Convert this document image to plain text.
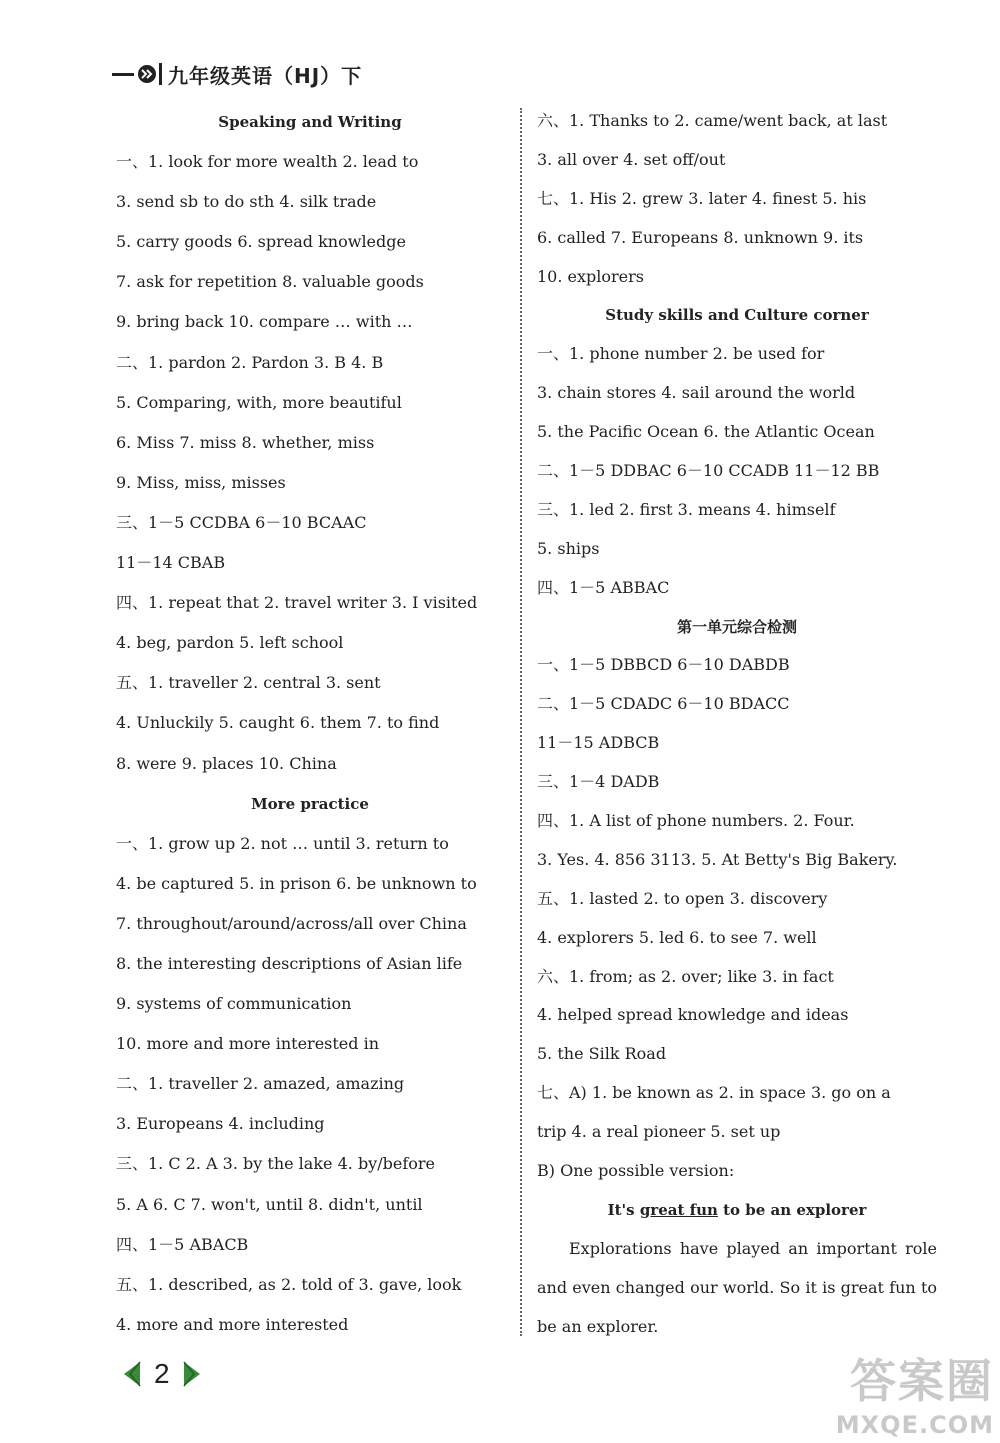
九年级英语（HJ）下
Speaking and Writing
一、1. look for more wealth 2. lead to
3. send sb to do sth 4. silk trade
5. carry goods 6. spread knowledge
7. ask for repetition 8. valuable goods
9. bring back 10. compare … with …
二、1. pardon 2. Pardon 3. B 4. B
5. Comparing, with, more beautiful
6. Miss 7. miss 8. whether, miss
9. Miss, miss, misses
三、1－5 CCDBA 6－10 BCAAC
11－14 CBAB
四、1. repeat that 2. travel writer 3. I visited
4. beg, pardon 5. left school
五、1. traveller 2. central 3. sent
4. Unluckily 5. caught 6. them 7. to find
8. were 9. places 10. China
More practice
一、1. grow up 2. not … until 3. return to
4. be captured 5. in prison 6. be unknown to
7. throughout/around/across/all over China
8. the interesting descriptions of Asian life
9. systems of communication
10. more and more interested in
二、1. traveller 2. amazed, amazing
3. Europeans 4. including
三、1. C 2. A 3. by the lake 4. by/before
5. A 6. C 7. won't, until 8. didn't, until
四、1－5 ABACB
五、1. described, as 2. told of 3. gave, look
4. more and more interested
六、1. Thanks to 2. came/went back, at last
3. all over 4. set off/out
七、1. His 2. grew 3. later 4. finest 5. his
6. called 7. Europeans 8. unknown 9. its
10. explorers
Study skills and Culture corner
一、1. phone number 2. be used for
3. chain stores 4. sail around the world
5. the Pacific Ocean 6. the Atlantic Ocean
二、1－5 DDBAC 6－10 CCADB 11－12 BB
三、1. led 2. first 3. means 4. himself
5. ships
四、1－5 ABBAC
第一单元综合检测
一、1－5 DBBCD 6－10 DABDB
二、1－5 CDADC 6－10 BDACC
11－15 ADBCB
三、1－4 DADB
四、1. A list of phone numbers. 2. Four.
3. Yes. 4. 856 3113. 5. At Betty's Big Bakery.
五、1. lasted 2. to open 3. discovery
4. explorers 5. led 6. to see 7. well
六、1. from; as 2. over; like 3. in fact
4. helped spread knowledge and ideas
5. the Silk Road
七、A) 1. be known as 2. in space 3. go on a
trip 4. a real pioneer 5. set up
B) One possible version:
It's great fun to be an explorer

Explorations have played an important role and even changed our world. So it is great fun to be an explorer.

2	答案圈
MXQE.COM
